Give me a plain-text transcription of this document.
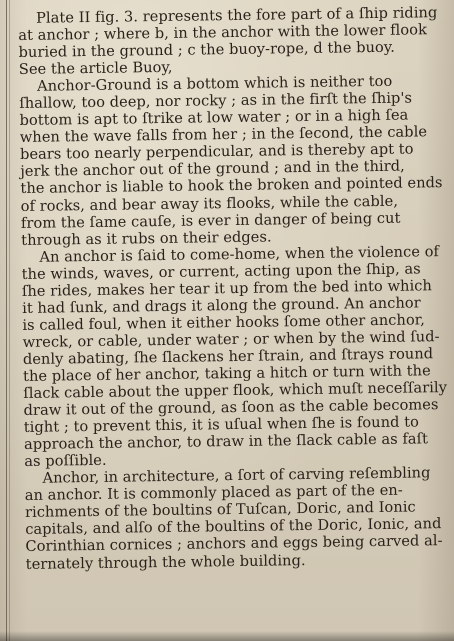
Plate II fig. 3. represents the fore part of a ſhip riding
at anchor ; where b, in the anchor with the lower flook
buried in the ground ; c the buoy-rope, d the buoy.
See the article Buoy,
Anchor-Ground is a bottom which is neither too
ſhallow, too deep, nor rocky ; as in the firſt the ſhip's
bottom is apt to ſtrike at low water ; or in a high ſea
when the wave falls from her ; in the ſecond, the cable
bears too nearly perpendicular, and is thereby apt to
jerk the anchor out of the ground ; and in the third,
the anchor is liable to hook the broken and pointed ends
of rocks, and bear away its flooks, while the cable,
from the ſame cauſe, is ever in danger of being cut
through as it rubs on their edges.
An anchor is ſaid to come-home, when the violence of
the winds, waves, or current, acting upon the ſhip, as
ſhe rides, makes her tear it up from the bed into which
it had ſunk, and drags it along the ground. An anchor
is called foul, when it either hooks ſome other anchor,
wreck, or cable, under water ; or when by the wind ſud-
denly abating, ſhe ſlackens her ſtrain, and ſtrays round
the place of her anchor, taking a hitch or turn with the
ſlack cable about the upper flook, which muſt neceſſarily
draw it out of the ground, as ſoon as the cable becomes
tight ; to prevent this, it is uſual when ſhe is found to
approach the anchor, to draw in the ſlack cable as faſt
as poſſible.
Anchor, in architecture, a ſort of carving reſembling
an anchor. It is commonly placed as part of the en-
richments of the boultins of Tuſcan, Doric, and Ionic
capitals, and alſo of the boultins of the Doric, Ionic, and
Corinthian cornices ; anchors and eggs being carved al-
ternately through the whole building.
